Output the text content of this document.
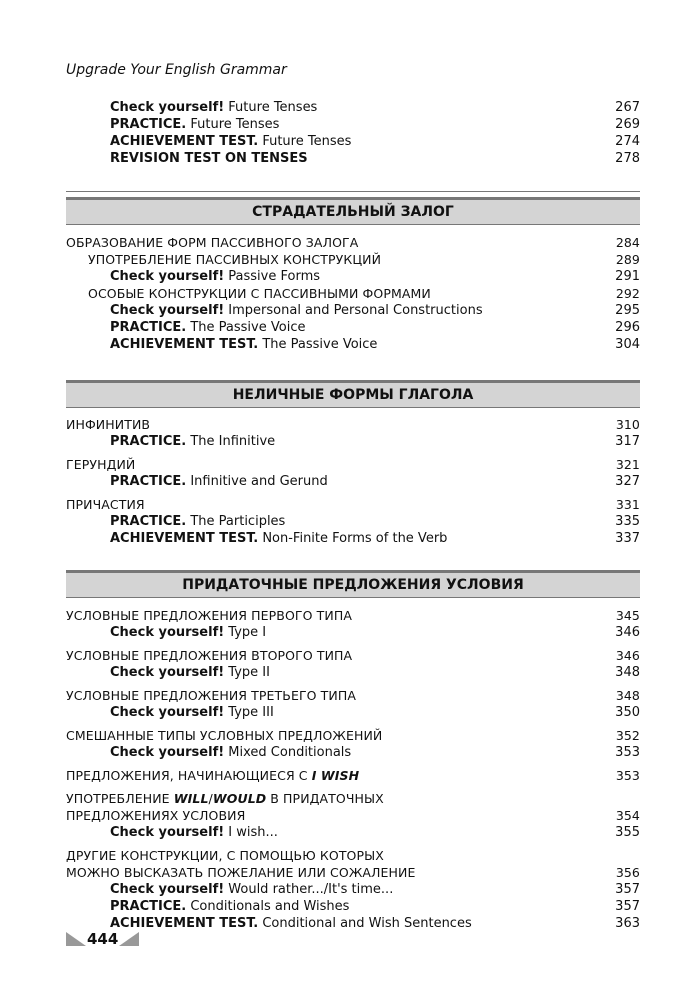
Upgrade Your English Grammar
Check yourself! Future Tenses	267
PRACTICE. Future Tenses	269
ACHIEVEMENT TEST. Future Tenses	274
REVISION TEST ON TENSES	278
СТРАДАТЕЛЬНЫЙ ЗАЛОГ
ОБРАЗОВАНИЕ ФОРМ ПАССИВНОГО ЗАЛОГА	284
УПОТРЕБЛЕНИЕ ПАССИВНЫХ КОНСТРУКЦИЙ	289
Check yourself! Passive Forms	291
ОСОБЫЕ КОНСТРУКЦИИ С ПАССИВНЫМИ ФОРМАМИ	292
Check yourself! Impersonal and Personal Constructions	295
PRACTICE. The Passive Voice	296
ACHIEVEMENT TEST. The Passive Voice	304
НЕЛИЧНЫЕ ФОРМЫ ГЛАГОЛА
ИНФИНИТИВ	310
PRACTICE. The Infinitive	317
ГЕРУНДИЙ	321
PRACTICE. Infinitive and Gerund	327
ПРИЧАСТИЯ	331
PRACTICE. The Participles	335
ACHIEVEMENT TEST. Non-Finite Forms of the Verb	337
ПРИДАТОЧНЫЕ ПРЕДЛОЖЕНИЯ УСЛОВИЯ
УСЛОВНЫЕ ПРЕДЛОЖЕНИЯ ПЕРВОГО ТИПА	345
Check yourself! Type I	346
УСЛОВНЫЕ ПРЕДЛОЖЕНИЯ ВТОРОГО ТИПА	346
Check yourself! Type II	348
УСЛОВНЫЕ ПРЕДЛОЖЕНИЯ ТРЕТЬЕГО ТИПА	348
Check yourself! Type III	350
СМЕШАННЫЕ ТИПЫ УСЛОВНЫХ ПРЕДЛОЖЕНИЙ	352
Check yourself! Mixed Conditionals	353
ПРЕДЛОЖЕНИЯ, НАЧИНАЮЩИЕСЯ С I WISH	353
УПОТРЕБЛЕНИЕ WILL/WOULD В ПРИДАТОЧНЫХ
ПРЕДЛОЖЕНИЯХ УСЛОВИЯ	354
Check yourself! I wish...	355
ДРУГИЕ КОНСТРУКЦИИ, С ПОМОЩЬЮ КОТОРЫХ
МОЖНО ВЫСКАЗАТЬ ПОЖЕЛАНИЕ ИЛИ СОЖАЛЕНИЕ	356
Check yourself! Would rather.../It's time...	357
PRACTICE. Conditionals and Wishes	357
ACHIEVEMENT TEST. Conditional and Wish Sentences	363
444
